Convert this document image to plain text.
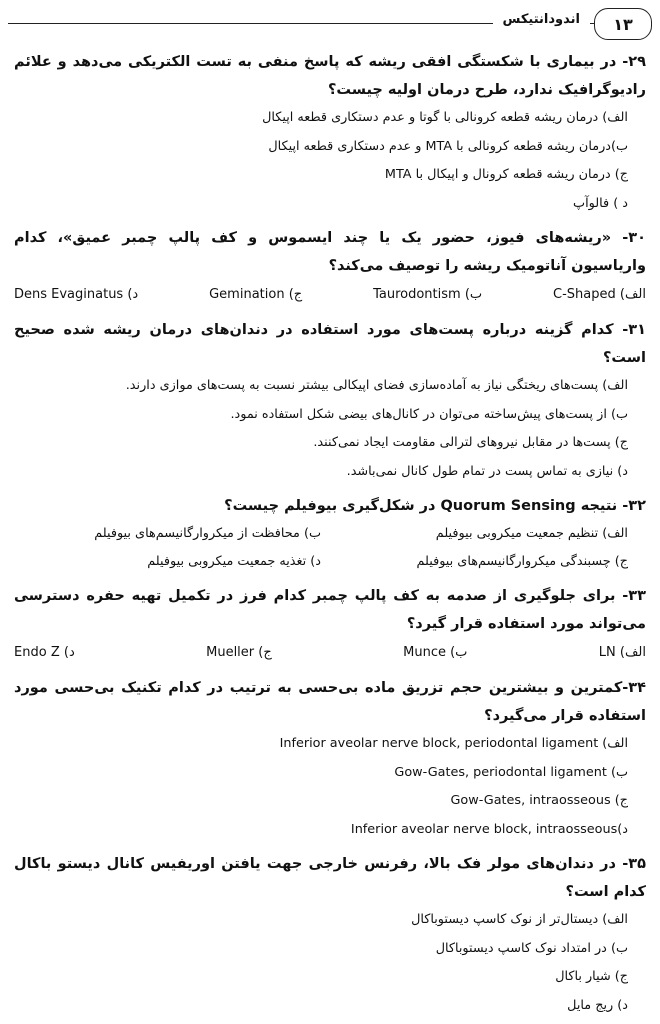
۱۳
اندودانتیکس

۲۹- در بیماری با شکستگی افقی ریشه که پاسخ منفی به تست الکتریکی می‌دهد و علائم رادیوگرافیک ندارد، طرح درمان اولیه چیست؟

الف) درمان ریشه قطعه کرونالی با گوتا و عدم دستکاری قطعه اپیکال
ب)درمان ریشه قطعه کرونالی با MTA و عدم دستکاری قطعه اپیکال
ج) درمان ریشه قطعه کرونال و اپیکال با MTA
د ) فالوآپ

۳۰- «ریشه‌های فیوز، حضور یک یا چند ایسموس و کف پالپ چمبر عمیق»، کدام واریاسیون آناتومیک ریشه را توصیف می‌کند؟

الف) C-Shaped
ب) Taurodontism
ج) Gemination
د) Dens Evaginatus

۳۱- کدام گزینه درباره پست‌های مورد استفاده در دندان‌های درمان ریشه شده صحیح است؟

الف) پست‌های ریختگی نیاز به آماده‌سازی فضای اپیکالی بیشتر نسبت به پست‌های موازی دارند.
ب) از پست‌های پیش‌ساخته می‌توان در کانال‌های بیضی شکل استفاده نمود.
ج) پست‌ها در مقابل نیروهای لترالی مقاومت ایجاد نمی‌کنند.
د) نیازی به تماس پست در تمام طول کانال نمی‌باشد.

۳۲- نتیجه Quorum Sensing در شکل‌گیری بیوفیلم چیست؟

الف) تنظیم جمعیت میکروبی بیوفیلم
ب) محافظت از میکروارگانیسم‌های بیوفیلم
ج) چسبندگی میکروارگانیسم‌های بیوفیلم
د) تغذیه جمعیت میکروبی بیوفیلم

۳۳- برای جلوگیری از صدمه به کف پالپ چمبر کدام فرز در تکمیل تهیه حفره دسترسی می‌تواند مورد استفاده قرار گیرد؟

الف) LN
ب) Munce
ج) Mueller
د) Endo Z

۳۴-کمترین و بیشترین حجم تزریق ماده بی‌حسی به ترتیب در کدام تکنیک بی‌حسی مورد استفاده قرار می‌گیرد؟

الف) Inferior aveolar nerve block, periodontal ligament
ب) Gow-Gates, periodontal ligament
ج) Gow-Gates, intraosseous
د)Inferior aveolar nerve block, intraosseous

۳۵- در دندان‌های مولر فک بالا، رفرنس خارجی جهت یافتن اوریفیس کانال دیستو باکال کدام است؟

الف) دیستال‌تر از نوک کاسپ دیستوباکال
ب) در امتداد نوک کاسپ دیستوباکال
ج) شیار باکال
د) ریج مایل
